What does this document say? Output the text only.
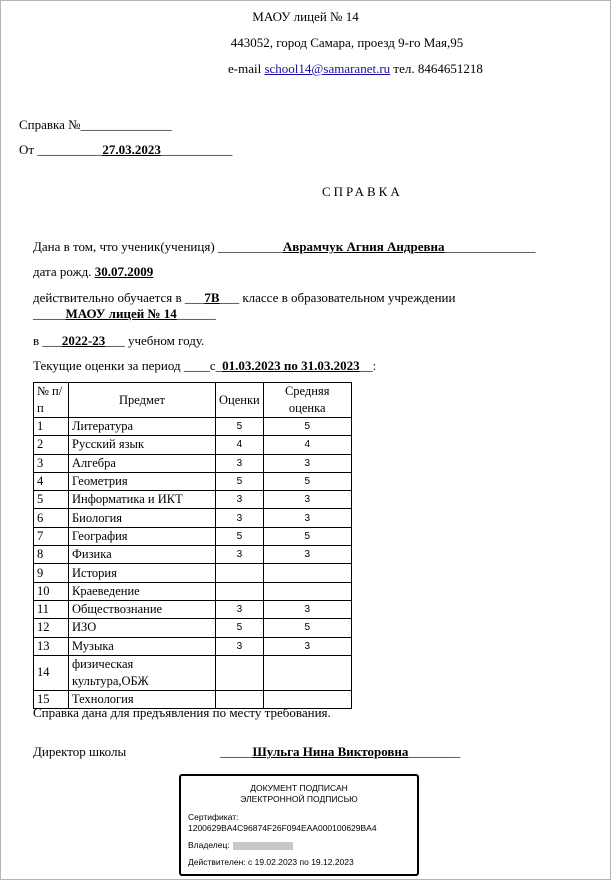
МАОУ лицей № 14
443052, город Самара, проезд 9-го Мая,95
e-mail school14@samaranet.ru тел. 8464651218
Справка №______________
От __________27.03.2023___________
СПРАВКА
Дана в том, что ученик(учениця) __________Аврамчук Агния Андревна______________
дата рожд. 30.07.2009
действительно обучается в ___7В___ классе в образовательном учреждении
_____МАОУ лицей № 14______
в ___2022-23___ учебном году.
Текущие оценки за период ____с_01.03.2023 по 31.03.2023__:
№ п/п	Предмет	Оценки	Средняя оценка
1	Литература	5	5
2	Русский язык	4	4
3	Алгебра	3	3
4	Геометрия	5	5
5	Информатика и ИКТ	3	3
6	Биология	3	3
7	География	5	5
8	Физика	3	3
9	История		
10	Краеведение		
11	Обществознание	3	3
12	ИЗО	5	5
13	Музыка	3	3
14	физическая культура,ОБЖ		
15	Технология		
Справка дана для предъявления по месту требования.
Директор школы	_____Шульга Нина Викторовна________
ДОКУМЕНТ ПОДПИСАН
ЭЛЕКТРОННОЙ ПОДПИСЬЮ
Сертификат:
1200629BA4C96874F26F094EAA000100629BA4
Владелец:
Действителен: с 19.02.2023 по 19.12.2023
